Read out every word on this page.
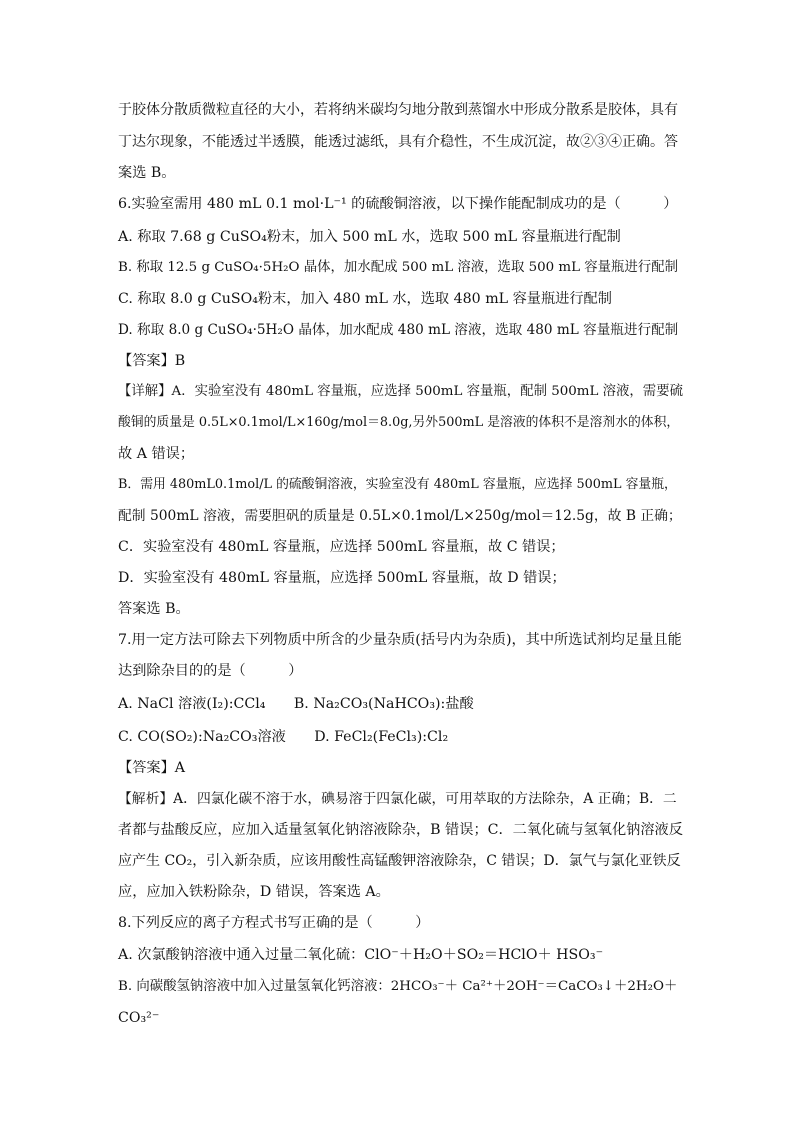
于胶体分散质微粒直径的大小，若将纳米碳均匀地分散到蒸馏水中形成分散系是胶体，具有
丁达尔现象，不能透过半透膜，能透过滤纸，具有介稳性，不生成沉淀，故②③④正确。答
案选 B。
6.实验室需用 480 mL 0.1 mol·L⁻¹ 的硫酸铜溶液，以下操作能配制成功的是（　　　）
A. 称取 7.68 g CuSO₄粉末，加入 500 mL 水，选取 500 mL 容量瓶进行配制
B. 称取 12.5 g CuSO₄·5H₂O 晶体，加水配成 500 mL 溶液，选取 500 mL 容量瓶进行配制
C. 称取 8.0 g CuSO₄粉末，加入 480 mL 水，选取 480 mL 容量瓶进行配制
D. 称取 8.0 g CuSO₄·5H₂O 晶体，加水配成 480 mL 溶液，选取 480 mL 容量瓶进行配制
【答案】B
【详解】A．实验室没有 480mL 容量瓶，应选择 500mL 容量瓶，配制 500mL 溶液，需要硫
酸铜的质量是 0.5L×0.1mol/L×160g/mol＝8.0g,另外500mL 是溶液的体积不是溶剂水的体积，
故 A 错误；
B．需用 480mL0.1mol/L 的硫酸铜溶液，实验室没有 480mL 容量瓶，应选择 500mL 容量瓶，
配制 500mL 溶液，需要胆矾的质量是 0.5L×0.1mol/L×250g/mol＝12.5g，故 B 正确；
C．实验室没有 480mL 容量瓶，应选择 500mL 容量瓶，故 C 错误；
D．实验室没有 480mL 容量瓶，应选择 500mL 容量瓶，故 D 错误；
答案选 B。
7.用一定方法可除去下列物质中所含的少量杂质(括号内为杂质)，其中所选试剂均足量且能
达到除杂目的的是（　　　）
A. NaCl 溶液(I₂):CCl₄　　B. Na₂CO₃(NaHCO₃):盐酸
C. CO(SO₂):Na₂CO₃溶液　　D. FeCl₂(FeCl₃):Cl₂
【答案】A
【解析】A．四氯化碳不溶于水，碘易溶于四氯化碳，可用萃取的方法除杂，A 正确；B．二
者都与盐酸反应，应加入适量氢氧化钠溶液除杂，B 错误；C．二氧化硫与氢氧化钠溶液反
应产生 CO₂，引入新杂质，应该用酸性高锰酸钾溶液除杂，C 错误；D．氯气与氯化亚铁反
应，应加入铁粉除杂，D 错误，答案选 A。
8.下列反应的离子方程式书写正确的是（　　　）
A. 次氯酸钠溶液中通入过量二氧化硫：ClO⁻＋H₂O＋SO₂＝HClO＋ HSO₃⁻
B. 向碳酸氢钠溶液中加入过量氢氧化钙溶液：2HCO₃⁻＋ Ca²⁺＋2OH⁻＝CaCO₃↓＋2H₂O＋
CO₃²⁻
